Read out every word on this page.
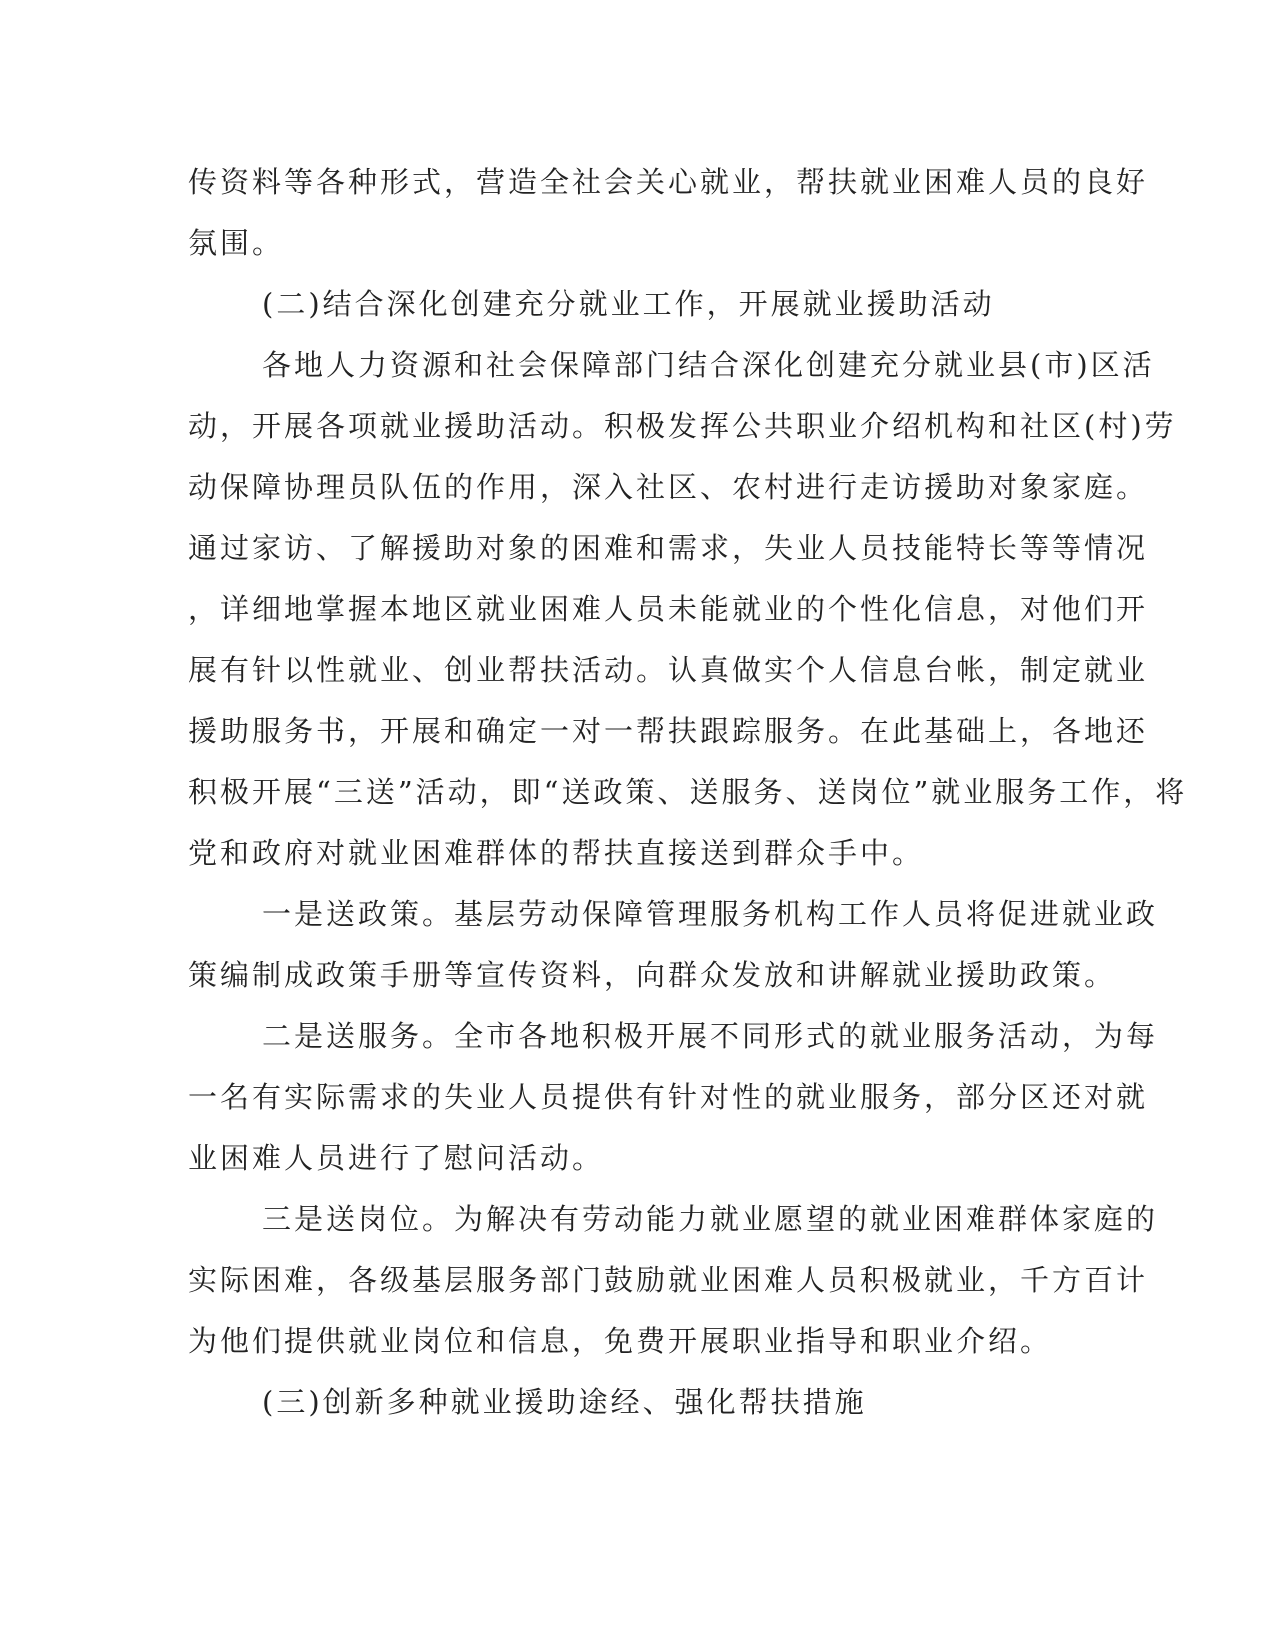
传资料等各种形式，营造全社会关心就业，帮扶就业困难人员的良好
氛围。
(二)结合深化创建充分就业工作，开展就业援助活动
各地人力资源和社会保障部门结合深化创建充分就业县(市)区活
动，开展各项就业援助活动。积极发挥公共职业介绍机构和社区(村)劳
动保障协理员队伍的作用，深入社区、农村进行走访援助对象家庭。
通过家访、了解援助对象的困难和需求，失业人员技能特长等等情况
，详细地掌握本地区就业困难人员未能就业的个性化信息，对他们开
展有针以性就业、创业帮扶活动。认真做实个人信息台帐，制定就业
援助服务书，开展和确定一对一帮扶跟踪服务。在此基础上，各地还
积极开展“三送”活动，即“送政策、送服务、送岗位”就业服务工作，将
党和政府对就业困难群体的帮扶直接送到群众手中。
一是送政策。基层劳动保障管理服务机构工作人员将促进就业政
策编制成政策手册等宣传资料，向群众发放和讲解就业援助政策。
二是送服务。全市各地积极开展不同形式的就业服务活动，为每
一名有实际需求的失业人员提供有针对性的就业服务，部分区还对就
业困难人员进行了慰问活动。
三是送岗位。为解决有劳动能力就业愿望的就业困难群体家庭的
实际困难，各级基层服务部门鼓励就业困难人员积极就业，千方百计
为他们提供就业岗位和信息，免费开展职业指导和职业介绍。
(三)创新多种就业援助途经、强化帮扶措施
